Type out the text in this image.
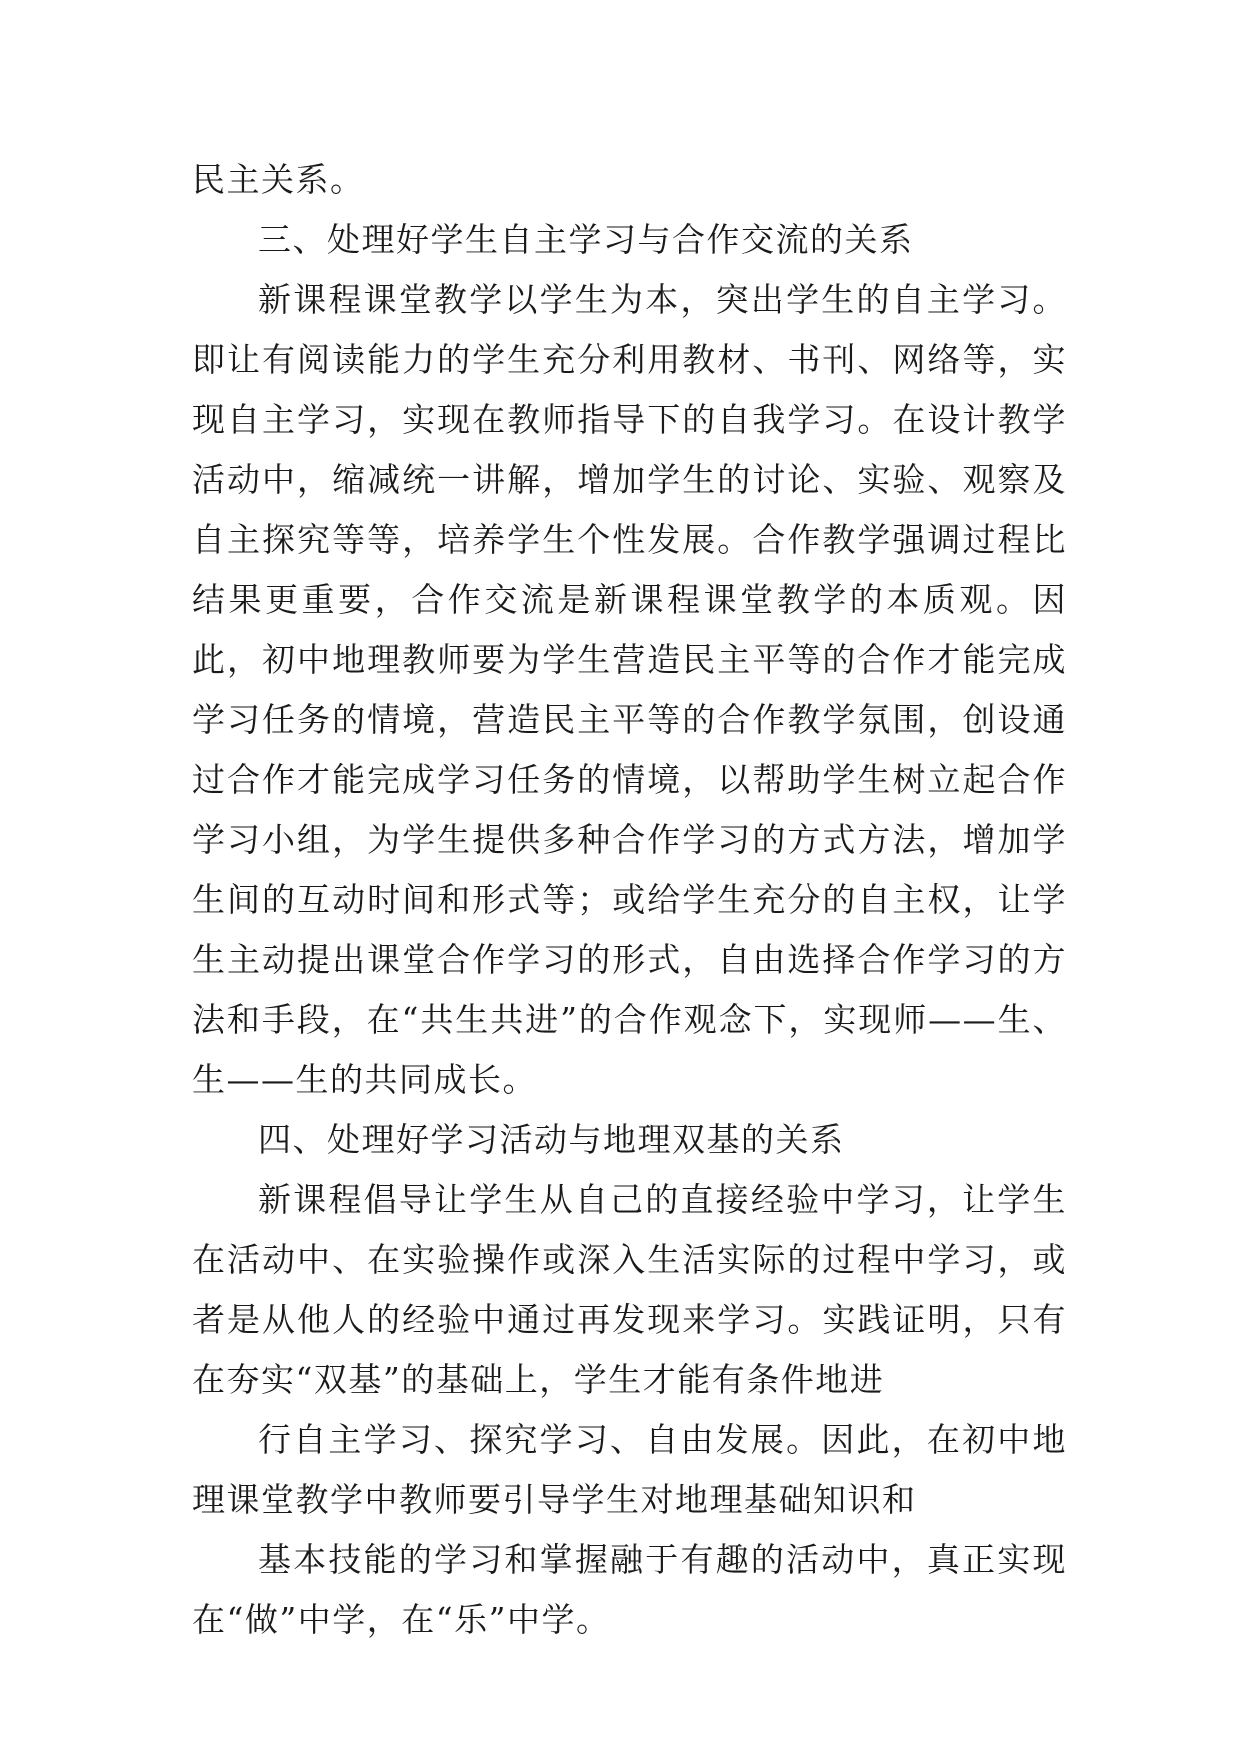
民主关系。

三、处理好学生自主学习与合作交流的关系

新课程课堂教学以学生为本，突出学生的自主学习。即让有阅读能力的学生充分利用教材、书刊、网络等，实现自主学习，实现在教师指导下的自我学习。在设计教学活动中，缩减统一讲解，增加学生的讨论、实验、观察及自主探究等等，培养学生个性发展。合作教学强调过程比结果更重要，合作交流是新课程课堂教学的本质观。因此，初中地理教师要为学生营造民主平等的合作才能完成学习任务的情境，营造民主平等的合作教学氛围，创设通过合作才能完成学习任务的情境，以帮助学生树立起合作学习小组，为学生提供多种合作学习的方式方法，增加学生间的互动时间和形式等；或给学生充分的自主权，让学生主动提出课堂合作学习的形式，自由选择合作学习的方法和手段，在“共生共进”的合作观念下，实现师——生、生——生的共同成长。

四、处理好学习活动与地理双基的关系

新课程倡导让学生从自己的直接经验中学习，让学生在活动中、在实验操作或深入生活实际的过程中学习，或者是从他人的经验中通过再发现来学习。实践证明，只有在夯实“双基”的基础上，学生才能有条件地进

行自主学习、探究学习、自由发展。因此，在初中地理课堂教学中教师要引导学生对地理基础知识和

基本技能的学习和掌握融于有趣的活动中，真正实现在“做”中学，在“乐”中学。
